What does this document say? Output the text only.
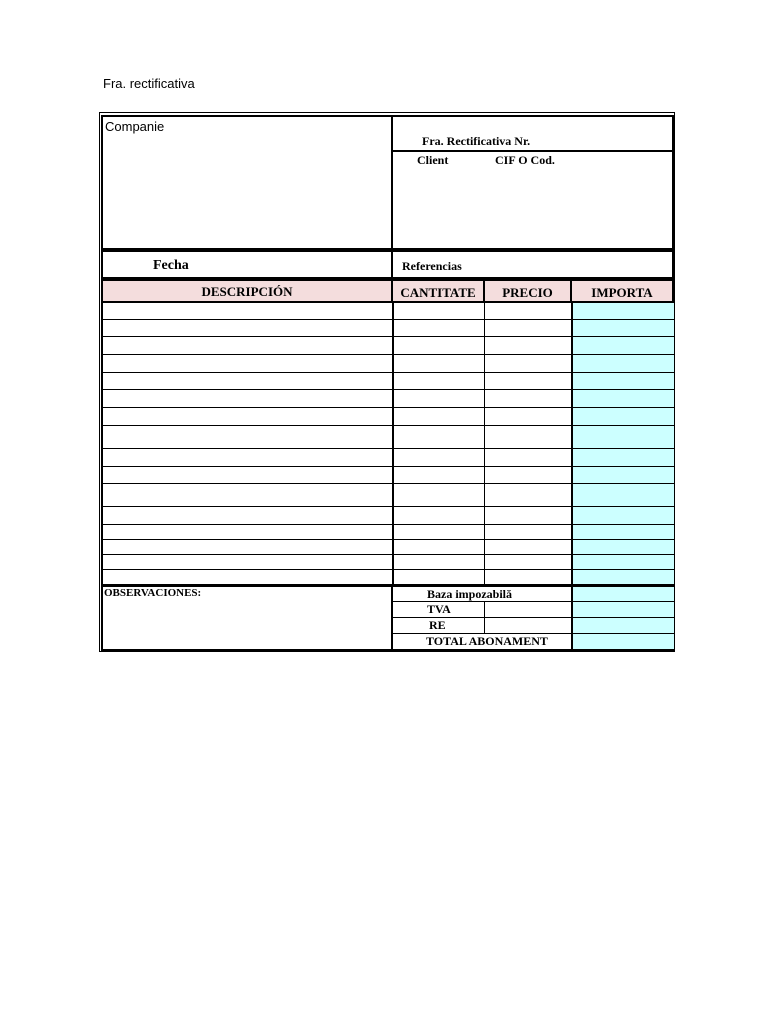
Fra. rectificativa
Companie
Fra. Rectificativa Nr.
Client	CIF O Cod.
Fecha	Referencias
DESCRIPCIÓN	CANTITATE	PRECIO	IMPORTA
OBSERVACIONES:	Baza impozabilă
TVA
RE
TOTAL ABONAMENT
